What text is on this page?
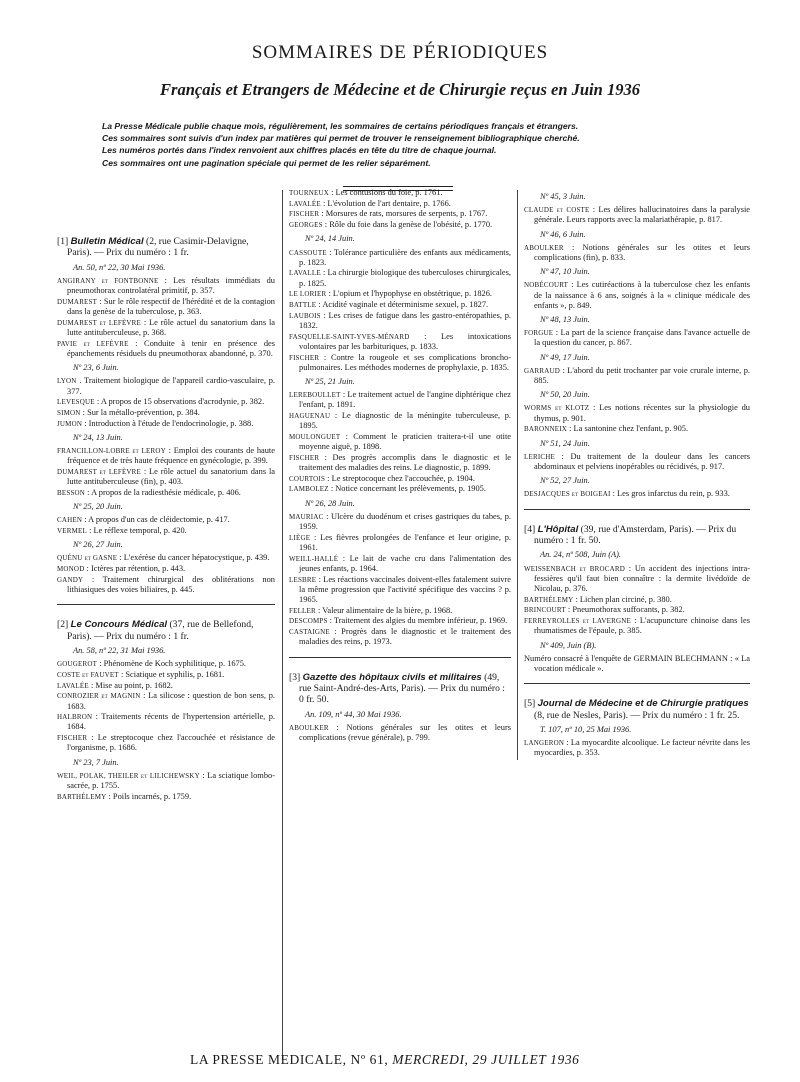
SOMMAIRES DE PÉRIODIQUES
Français et Etrangers de Médecine et de Chirurgie reçus en Juin 1936
La Presse Médicale publie chaque mois, régulièrement, les sommaires de certains périodiques français et étrangers.
Ces sommaires sont suivis d'un index par matières qui permet de trouver le renseignement bibliographique cherché.
Les numéros portés dans l'index renvoient aux chiffres placés en tête du titre de chaque journal.
Ces sommaires ont une pagination spéciale qui permet de les relier séparément.
[1] Bulletin Médical (2, rue Casimir-Delavigne, Paris). — Prix du numéro : 1 fr.
An. 50, nº 22, 30 Mai 1936.
ANGIRANY et FONTBONNE : Les résultats immédiats du pneumothorax controlatéral primitif, p. 357.
DUMAREST : Sur le rôle respectif de l'hérédité et de la contagion dans la genèse de la tuberculose, p. 363.
DUMAREST et LEFÈVRE : Le rôle actuel du sanatorium dans la lutte antituberculeuse, p. 368.
PAVIE et LEFÈVRE : Conduite à tenir en présence des épanchements résiduels du pneumothorax abandonné, p. 370.
Nº 23, 6 Juin.
LYON . Traitement biologique de l'appareil cardio-vasculaire, p. 377.
LEVESQUE : A propos de 15 observations d'acrodynie, p. 382.
SIMON : Sur la métallo-prévention, p. 384.
JUMON : Introduction à l'étude de l'endocrinologie, p. 388.
Nº 24, 13 Juin.
FRANCILLON-LOBRE et LEROY : Emploi des courants de haute fréquence et de très haute fréquence en gynécologie, p. 399.
DUMAREST et LEFÈVRE : Le rôle actuel du sanatorium dans la lutte antituberculeuse (fin), p. 403.
BESSON : A propos de la radiesthésie médicale, p. 406.
Nº 25, 20 Juin.
CAHEN : A propos d'un cas de cléidectomie, p. 417.
VERMEL : Le réflexe temporal, p. 420.
Nº 26, 27 Juin.
QUÉNU et GASNE : L'exérèse du cancer hépatocystique, p. 439.
MONOD : Ictères par rétention, p. 443.
GANDY : Traitement chirurgical des oblitérations non lithiasiques des voies biliaires, p. 445.
[2] Le Concours Médical (37, rue de Bellefond, Paris). — Prix du numéro : 1 fr.
An. 58, nº 22, 31 Mai 1936.
GOUGEROT : Phénomène de Koch syphilitique, p. 1675.
COSTE et FAUVET : Sciatique et syphilis, p. 1681.
LAVALÉE : Mise au point, p. 1682.
CONROZIER et MAGNIN : La silicose : question de bon sens, p. 1683.
HALBRON : Traitements récents de l'hypertension artérielle, p. 1684.
FISCHER : Le streptocoque chez l'accouchée et résistance de l'organisme, p. 1686.
Nº 23, 7 Juin.
WEIL, POLAK, THEILER et LILICHEWSKY : La sciatique lombo-sacrée, p. 1755.
BARTHÉLEMY : Poils incarnés, p. 1759.
TOURNEUX : Les contusions du foie, p. 1761.
LAVALÉE : L'évolution de l'art dentaire, p. 1766.
FISCHER : Morsures de rats, morsures de serpents, p. 1767.
GEORGES : Rôle du foie dans la genèse de l'obésité, p. 1770.
Nº 24, 14 Juin.
CASSOUTE : Tolérance particulière des enfants aux médicaments, p. 1823.
LAVALLE : La chirurgie biologique des tuberculoses chirurgicales, p. 1825.
LE LORIER : L'opium et l'hypophyse en obstétrique, p. 1826.
BATTLE : Acidité vaginale et déterminisme sexuel, p. 1827.
LAUBOIS : Les crises de fatigue dans les gastro-entéropathies, p. 1832.
FASQUELLE-SAINT-YVES-MÉNARD : Les intoxications volontaires par les barbituriques, p. 1833.
FISCHER : Contre la rougeole et ses complications broncho-pulmonaires. Les méthodes modernes de prophylaxie, p. 1835.
Nº 25, 21 Juin.
LEREBOULLET : Le traitement actuel de l'angine diphtérique chez l'enfant, p. 1891.
HAGUENAU : Le diagnostic de la méningite tuberculeuse, p. 1895.
MOULONGUET : Comment le praticien traitera-t-il une otite moyenne aiguë, p. 1898.
FISCHER : Des progrès accomplis dans le diagnostic et le traitement des maladies des reins. Le diagnostic, p. 1899.
COURTOIS : Le streptocoque chez l'accouchée, p. 1904.
LAMBOLEZ : Notice concernant les prélèvements, p. 1905.
Nº 26, 28 Juin.
MAURIAC : Ulcère du duodénum et crises gastriques du tabes, p. 1959.
LIÈGE : Les fièvres prolongées de l'enfance et leur origine, p. 1961.
WEILL-HALLÉ : Le lait de vache cru dans l'alimentation des jeunes enfants, p. 1964.
LESBRE : Les réactions vaccinales doivent-elles fatalement suivre la même progression que l'activité spécifique des vaccins ? p. 1965.
FELLER : Valeur alimentaire de la bière, p. 1968.
DESCOMPS : Traitement des algies du membre inférieur, p. 1969.
CASTAIGNE : Progrès dans le diagnostic et le traitement des maladies des reins, p. 1973.
[3] Gazette des hôpitaux civils et militaires (49, rue Saint-André-des-Arts, Paris). — Prix du numéro : 0 fr. 50.
An. 109, nº 44, 30 Mai 1936.
ABOULKER : Notions générales sur les otites et leurs complications (revue générale), p. 799.
Nº 45, 3 Juin.
CLAUDE et COSTE : Les délires hallucinatoires dans la paralysie générale. Leurs rapports avec la malariathérapie, p. 817.
Nº 46, 6 Juin.
ABOULKER : Notions générales sur les otites et leurs complications (fin), p. 833.
Nº 47, 10 Juin.
NOBÉCOURT : Les cutiréactions à la tuberculose chez les enfants de la naissance à 6 ans, soignés à la « clinique médicale des enfants », p. 849.
Nº 48, 13 Juin.
FORGUE : La part de la science française dans l'avance actuelle de la question du cancer, p. 867.
Nº 49, 17 Juin.
GARRAUD : L'abord du petit trochanter par voie crurale interne, p. 885.
Nº 50, 20 Juin.
WORMS et KLOTZ : Les notions récentes sur la physiologie du thymus, p. 901.
BARONNEIX : La santonine chez l'enfant, p. 905.
Nº 51, 24 Juin.
LERICHE : Du traitement de la douleur dans les cancers abdominaux et pelviens inopérables ou récidivés, p. 917.
Nº 52, 27 Juin.
DESJACQUES et BOIGEAI : Les gros infarctus du rein, p. 933.
[4] L'Hôpital (39, rue d'Amsterdam, Paris). — Prix du numéro : 1 fr. 50.
An. 24, nº 508, Juin (A).
WEISSENBACH et BROCARD : Un accident des injections intra-fessières qu'il faut bien connaître : la dermite livédoïde de Nicolau, p. 376.
BARTHÉLEMY : Lichen plan circiné, p. 380.
BRINCOURT : Pneumothorax suffocants, p. 382.
FERREYROLLES et LAVERGNE : L'acupuncture chinoise dans les rhumatismes de l'épaule, p. 385.
Nº 409, Juin (B).
Numéro consacré à l'enquête de GERMAIN BLECHMANN : « La vocation médicale ».
[5] Journal de Médecine et de Chirurgie pratiques (8, rue de Nesles, Paris). — Prix du numéro : 1 fr. 25.
T. 107, nº 10, 25 Mai 1936.
LANGERON : La myocardite alcoolique. Le facteur névrite dans les myocardies, p. 353.
LA PRESSE MEDICALE, Nº 61, MERCREDI, 29 JUILLET 1936
